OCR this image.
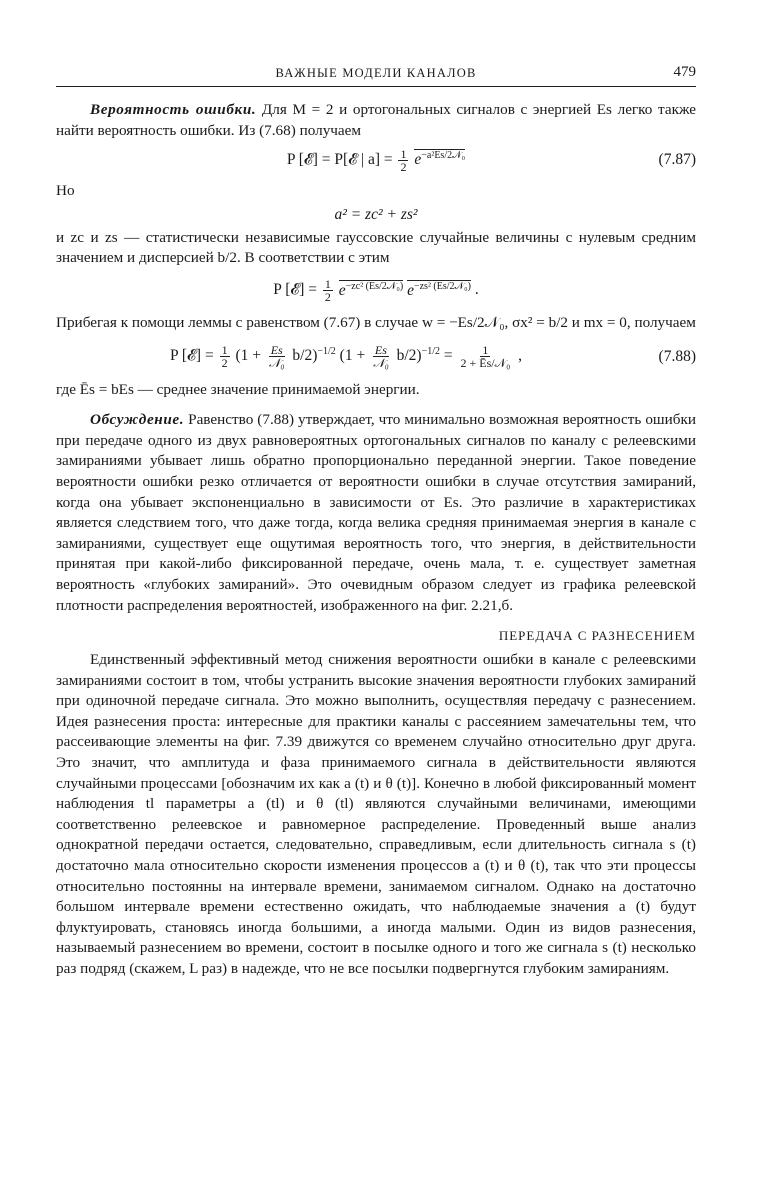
ВАЖНЫЕ МОДЕЛИ КАНАЛОВ	479

Вероятность ошибки. Для M = 2 и ортогональных сигналов с энергией Es легко также найти вероятность ошибки. Из (7.68) получаем

P [𝓔] = P[𝓔 | $a] = \frac{1}{2} e^{-a^2Es/2𝒩_0}$	(7.87)

Но

a² = zc² + zs²

и zc и zs — статистически независимые гауссовские случайные величины с нулевым средним значением и дисперсией b/2. В соответствии с этим

P [𝓔] = $\frac{1}{2} e^{-zc^2 (Es/2𝒩_0)}$ $e^{-zs^2 (Es/2𝒩_0)}$ .

Прибегая к помощи леммы с равенством (7.67) в случае w = −Es/2𝒩₀, σx² = b/2 и mx = 0, получаем

P [𝓔] = $\frac{1}{2} (1 + \frac{Es}{\text{𝒩₀}} b/2)^{-1/2}$ $(1 + \frac{Es}{\text{𝒩₀}} b/2)^{-1/2} = \frac{1}{\text{2 + Ēs/𝒩₀}}$ ,	(7.88)

где Ēs = bEs — среднее значение принимаемой энергии.

Обсуждение. Равенство (7.88) утверждает, что минимально возможная вероятность ошибки при передаче одного из двух равновероятных ортогональных сигналов по каналу с релеевскими замираниями убывает лишь обратно пропорционально переданной энергии. Такое поведение вероятности ошибки резко отличается от вероятности ошибки в случае отсутствия замираний, когда она убывает экспоненциально в зависимости от Es. Это различие в характеристиках является следствием того, что даже тогда, когда велика средняя принимаемая энергия в канале с замираниями, существует еще ощутимая вероятность того, что энергия, в действительности принятая при какой-либо фиксированной передаче, очень мала, т. е. существует заметная вероятность «глубоких замираний». Это очевидным образом следует из графика релеевской плотности распределения вероятностей, изображенного на фиг. 2.21,б.

ПЕРЕДАЧА С РАЗНЕСЕНИЕМ

Единственный эффективный метод снижения вероятности ошибки в канале с релеевскими замираниями состоит в том, чтобы устранить высокие значения вероятности глубоких замираний при одиночной передаче сигнала. Это можно выполнить, осуществляя передачу с разнесением. Идея разнесения проста: интересные для практики каналы с рассеянием замечательны тем, что рассеивающие элементы на фиг. 7.39 движутся со временем случайно относительно друг друга. Это значит, что амплитуда и фаза принимаемого сигнала в действительности являются случайными процессами [обозначим их как a (t) и θ (t)]. Конечно в любой фиксированный момент наблюдения tl параметры a (tl) и θ (tl) являются случайными величинами, имеющими соответственно релеевское и равномерное распределение. Проведенный выше анализ однократной передачи остается, следовательно, справедливым, если длительность сигнала s (t) достаточно мала относительно скорости изменения процессов a (t) и θ (t), так что эти процессы относительно постоянны на интервале времени, занимаемом сигналом. Однако на достаточно большом интервале времени естественно ожидать, что наблюдаемые значения a (t) будут флуктуировать, становясь иногда большими, а иногда малыми. Один из видов разнесения, называемый разнесением во времени, состоит в посылке одного и того же сигнала s (t) несколько раз подряд (скажем, L раз) в надежде, что не все посылки подвергнутся глубоким замираниям.
